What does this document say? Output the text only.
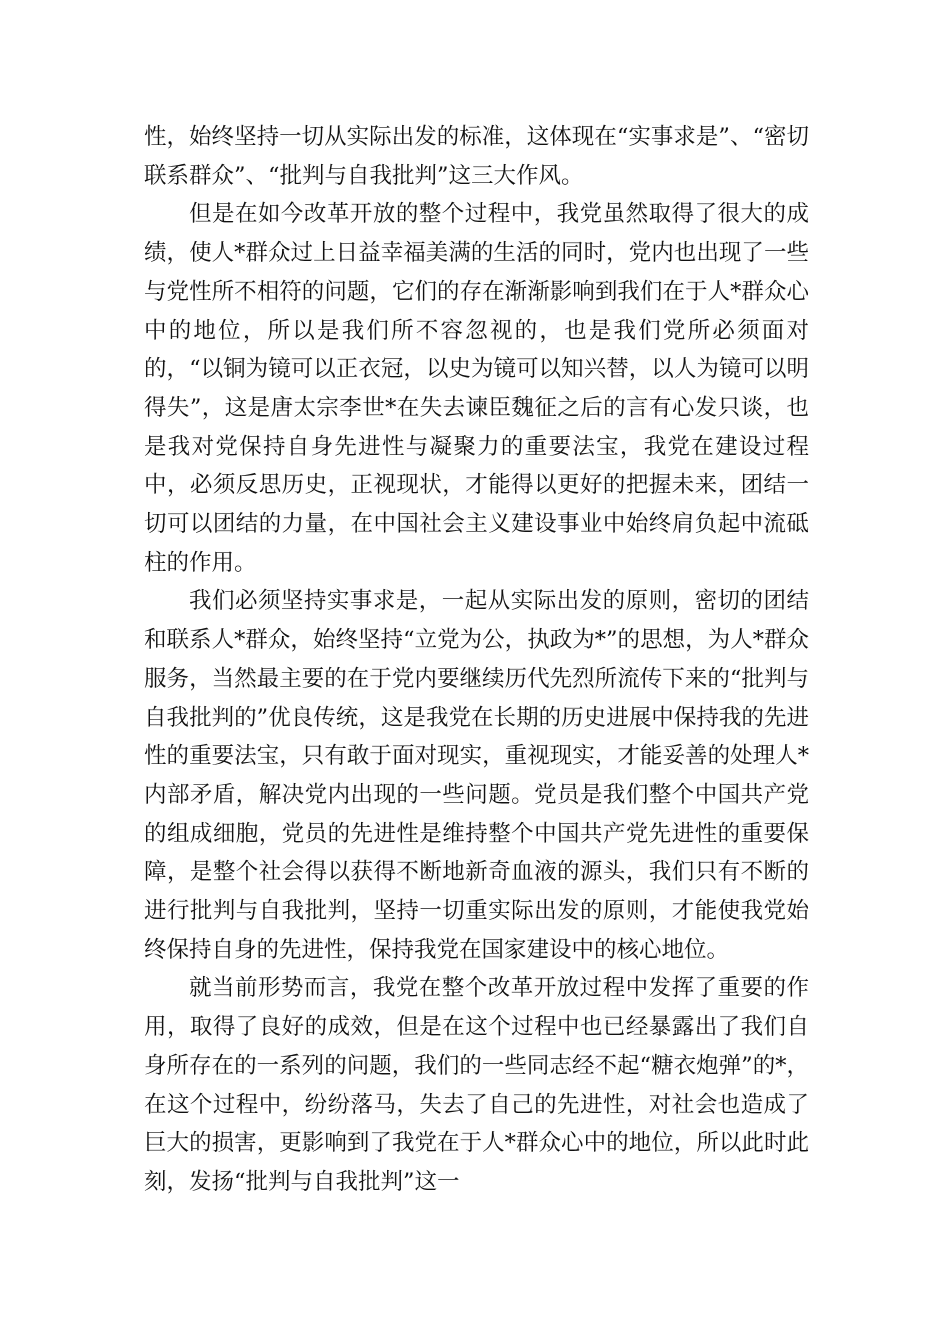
性，始终坚持一切从实际出发的标准，这体现在“实事求是”、“密切联系群众”、“批判与自我批判”这三大作风。

但是在如今改革开放的整个过程中，我党虽然取得了很大的成绩，使人*群众过上日益幸福美满的生活的同时，党内也出现了一些与党性所不相符的问题，它们的存在渐渐影响到我们在于人*群众心中的地位，所以是我们所不容忽视的，也是我们党所必须面对的，“以铜为镜可以正衣冠，以史为镜可以知兴替，以人为镜可以明得失”，这是唐太宗李世*在失去谏臣魏征之后的言有心发只谈，也是我对党保持自身先进性与凝聚力的重要法宝，我党在建设过程中，必须反思历史，正视现状，才能得以更好的把握未来，团结一切可以团结的力量，在中国社会主义建设事业中始终肩负起中流砥柱的作用。

我们必须坚持实事求是，一起从实际出发的原则，密切的团结和联系人*群众，始终坚持“立党为公，执政为*”的思想，为人*群众服务，当然最主要的在于党内要继续历代先烈所流传下来的“批判与自我批判的”优良传统，这是我党在长期的历史进展中保持我的先进性的重要法宝，只有敢于面对现实，重视现实，才能妥善的处理人*内部矛盾，解决党内出现的一些问题。党员是我们整个中国共产党的组成细胞，党员的先进性是维持整个中国共产党先进性的重要保障，是整个社会得以获得不断地新奇血液的源头，我们只有不断的进行批判与自我批判，坚持一切重实际出发的原则，才能使我党始终保持自身的先进性，保持我党在国家建设中的核心地位。

就当前形势而言，我党在整个改革开放过程中发挥了重要的作用，取得了良好的成效，但是在这个过程中也已经暴露出了我们自身所存在的一系列的问题，我们的一些同志经不起“糖衣炮弹”的*，在这个过程中，纷纷落马，失去了自己的先进性，对社会也造成了巨大的损害，更影响到了我党在于人*群众心中的地位，所以此时此刻，发扬“批判与自我批判”这一
